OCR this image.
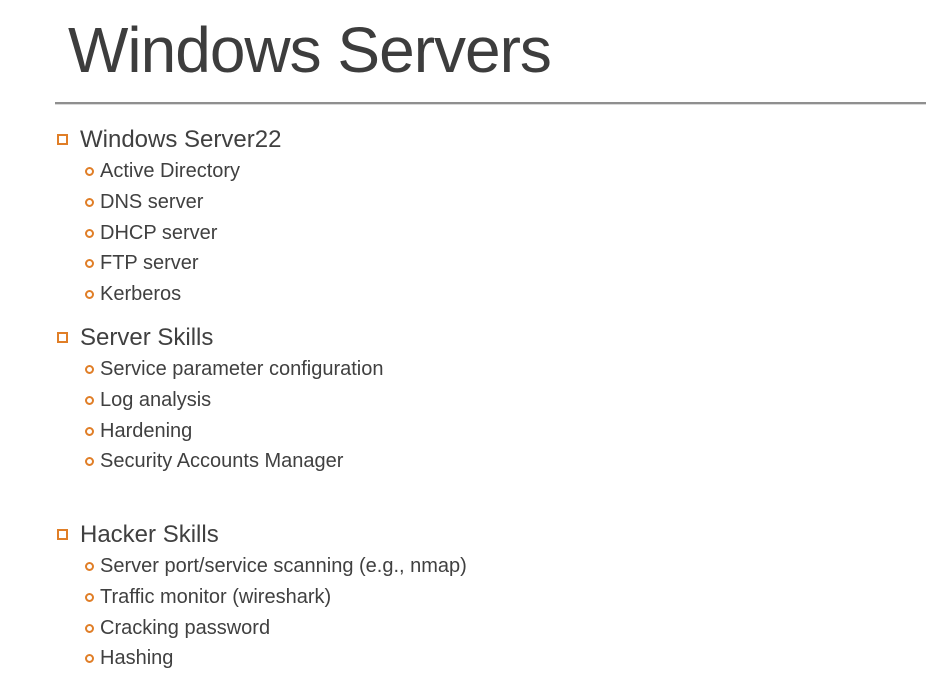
Windows Servers
Windows Server22
Active Directory
DNS server
DHCP server
FTP server
Kerberos
Server Skills
Service parameter configuration
Log analysis
Hardening
Security Accounts Manager
Hacker Skills
Server port/service scanning (e.g., nmap)
Traffic monitor (wireshark)
Cracking password
Hashing
